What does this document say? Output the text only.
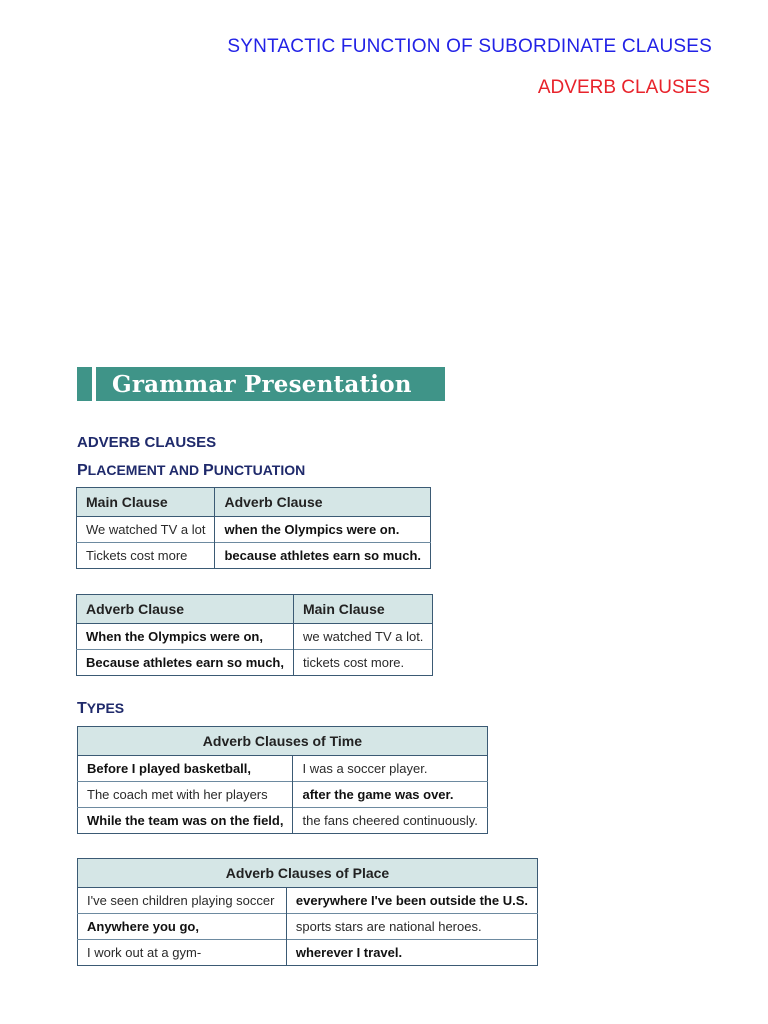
SYNTACTIC FUNCTION OF SUBORDINATE CLAUSES
ADVERB CLAUSES
Grammar Presentation
ADVERB CLAUSES
PLACEMENT AND PUNCTUATION
Main Clause	Adverb Clause
We watched TV a lot	when the Olympics were on.
Tickets cost more	because athletes earn so much.
Adverb Clause	Main Clause
When the Olympics were on,	we watched TV a lot.
Because athletes earn so much,	tickets cost more.
TYPES
Adverb Clauses of Time	
Before I played basketball,	I was a soccer player.
The coach met with her players	after the game was over.
While the team was on the field,	the fans cheered continuously.
Adverb Clauses of Place	
I've seen children playing soccer	everywhere I've been outside the U.S.
Anywhere you go,	sports stars are national heroes.
I work out at a gym-	wherever I travel.
